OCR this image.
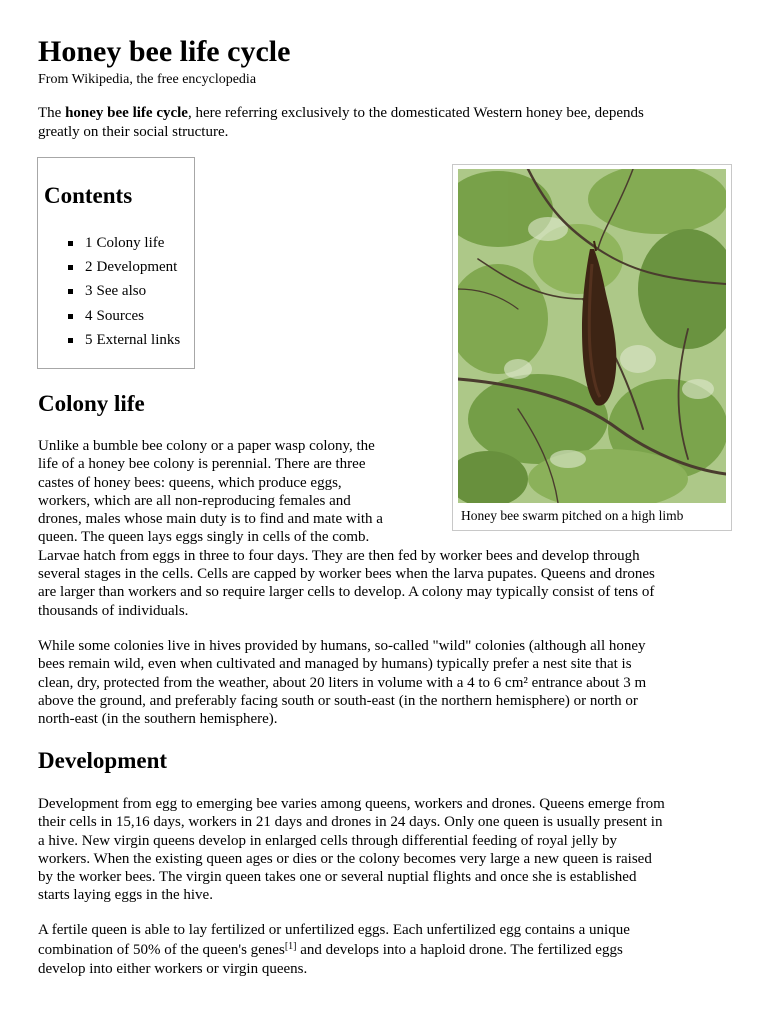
Honey bee life cycle
From Wikipedia, the free encyclopedia

The honey bee life cycle, here referring exclusively to the domesticated Western honey bee, depends
greatly on their social structure.

Contents
1 Colony life
2 Development
3 See also
4 Sources
5 External links
Honey bee swarm pitched on a high limb
Colony life

Unlike a bumble bee colony or a paper wasp colony, the
life of a honey bee colony is perennial. There are three
castes of honey bees: queens, which produce eggs,
workers, which are all non-reproducing females and
drones, males whose main duty is to find and mate with a
queen. The queen lays eggs singly in cells of the comb.
Larvae hatch from eggs in three to four days. They are then fed by worker bees and develop through
several stages in the cells. Cells are capped by worker bees when the larva pupates. Queens and drones
are larger than workers and so require larger cells to develop. A colony may typically consist of tens of
thousands of individuals.

While some colonies live in hives provided by humans, so-called "wild" colonies (although all honey
bees remain wild, even when cultivated and managed by humans) typically prefer a nest site that is
clean, dry, protected from the weather, about 20 liters in volume with a 4 to 6 cm² entrance about 3 m
above the ground, and preferably facing south or south-east (in the northern hemisphere) or north or
north-east (in the southern hemisphere).

Development

Development from egg to emerging bee varies among queens, workers and drones. Queens emerge from
their cells in 15,16 days, workers in 21 days and drones in 24 days. Only one queen is usually present in
a hive. New virgin queens develop in enlarged cells through differential feeding of royal jelly by
workers. When the existing queen ages or dies or the colony becomes very large a new queen is raised
by the worker bees. The virgin queen takes one or several nuptial flights and once she is established
starts laying eggs in the hive.

A fertile queen is able to lay fertilized or unfertilized eggs. Each unfertilized egg contains a unique
combination of 50% of the queen's genes[1] and develops into a haploid drone. The fertilized eggs
develop into either workers or virgin queens.
